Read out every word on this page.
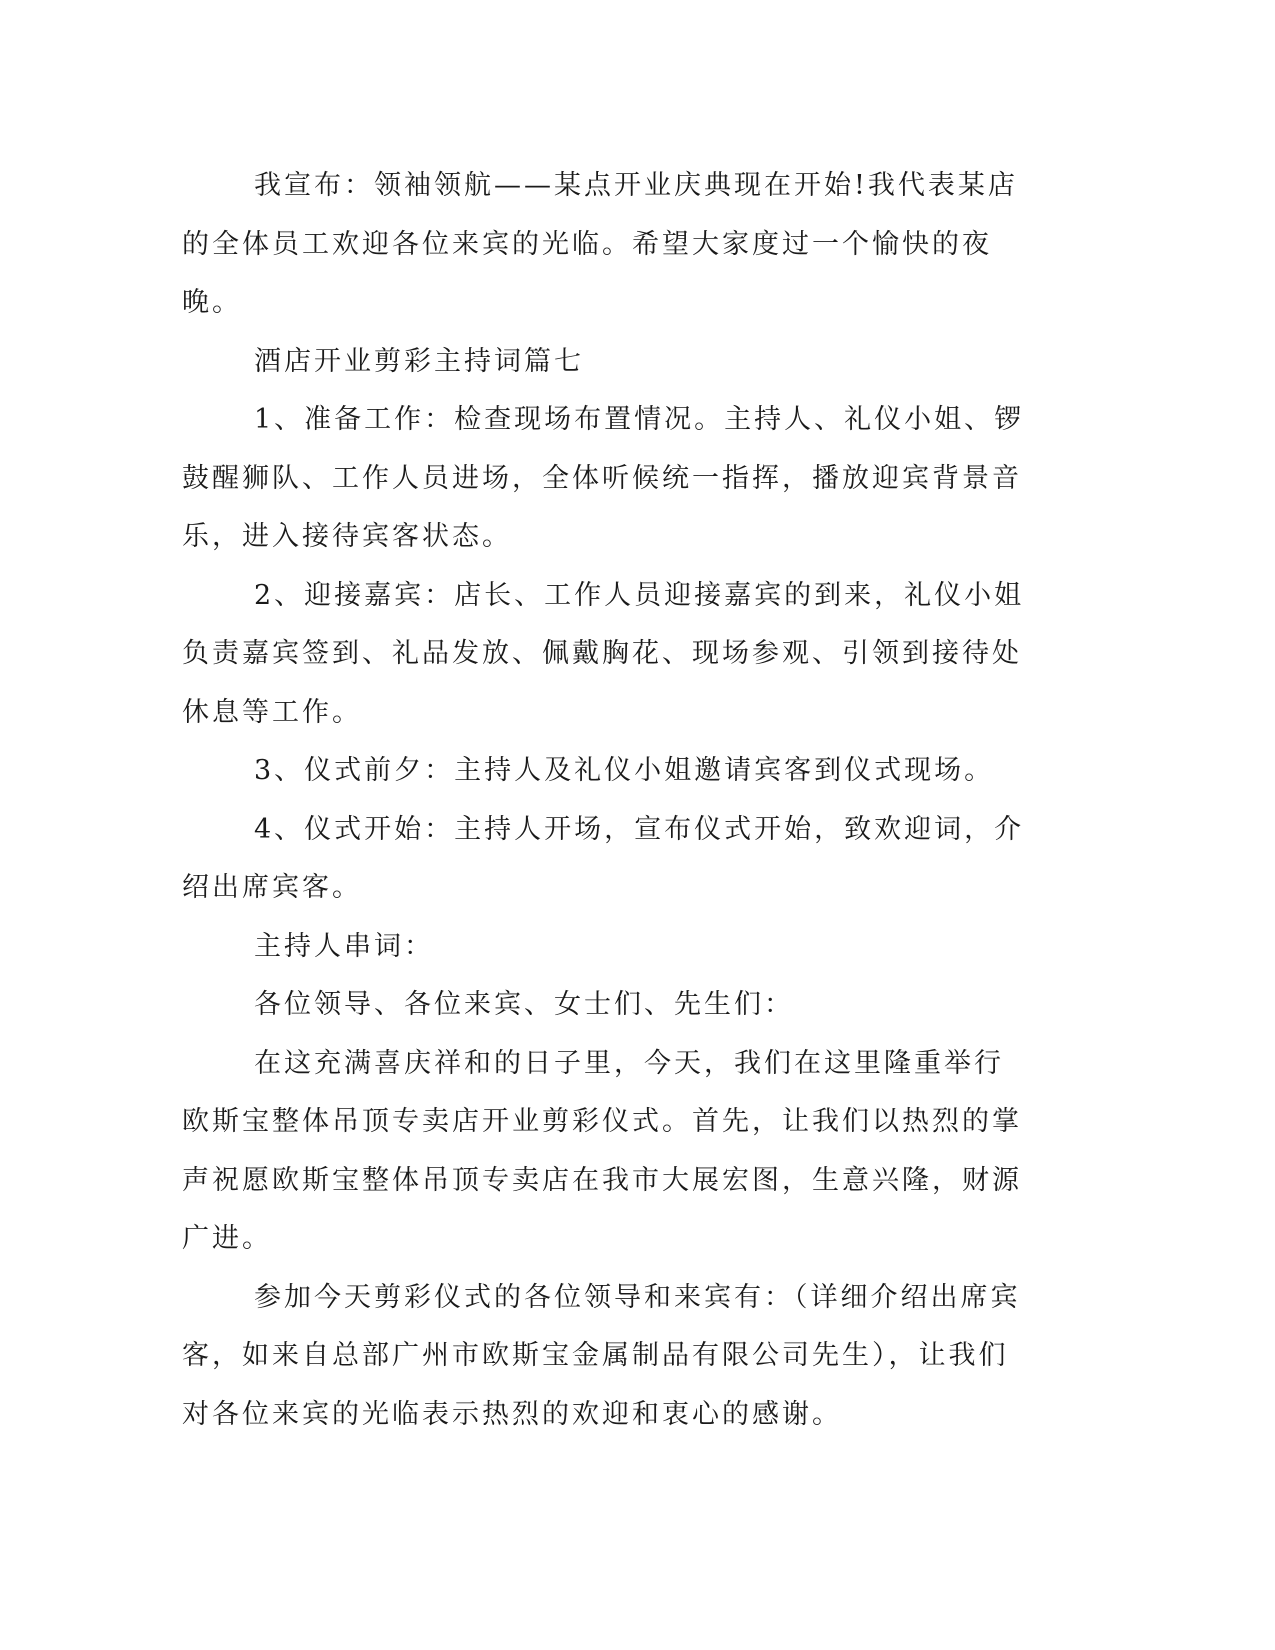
我宣布：领袖领航——某点开业庆典现在开始!我代表某店的全体员工欢迎各位来宾的光临。希望大家度过一个愉快的夜晚。

酒店开业剪彩主持词篇七

1、准备工作：检查现场布置情况。主持人、礼仪小姐、锣鼓醒狮队、工作人员进场，全体听候统一指挥，播放迎宾背景音乐，进入接待宾客状态。

2、迎接嘉宾：店长、工作人员迎接嘉宾的到来，礼仪小姐负责嘉宾签到、礼品发放、佩戴胸花、现场参观、引领到接待处休息等工作。

3、仪式前夕：主持人及礼仪小姐邀请宾客到仪式现场。

4、仪式开始：主持人开场，宣布仪式开始，致欢迎词，介绍出席宾客。

主持人串词：

各位领导、各位来宾、女士们、先生们：

在这充满喜庆祥和的日子里，今天，我们在这里隆重举行欧斯宝整体吊顶专卖店开业剪彩仪式。首先，让我们以热烈的掌声祝愿欧斯宝整体吊顶专卖店在我市大展宏图，生意兴隆，财源广进。

参加今天剪彩仪式的各位领导和来宾有：（详细介绍出席宾客，如来自总部广州市欧斯宝金属制品有限公司先生），让我们对各位来宾的光临表示热烈的欢迎和衷心的感谢。
